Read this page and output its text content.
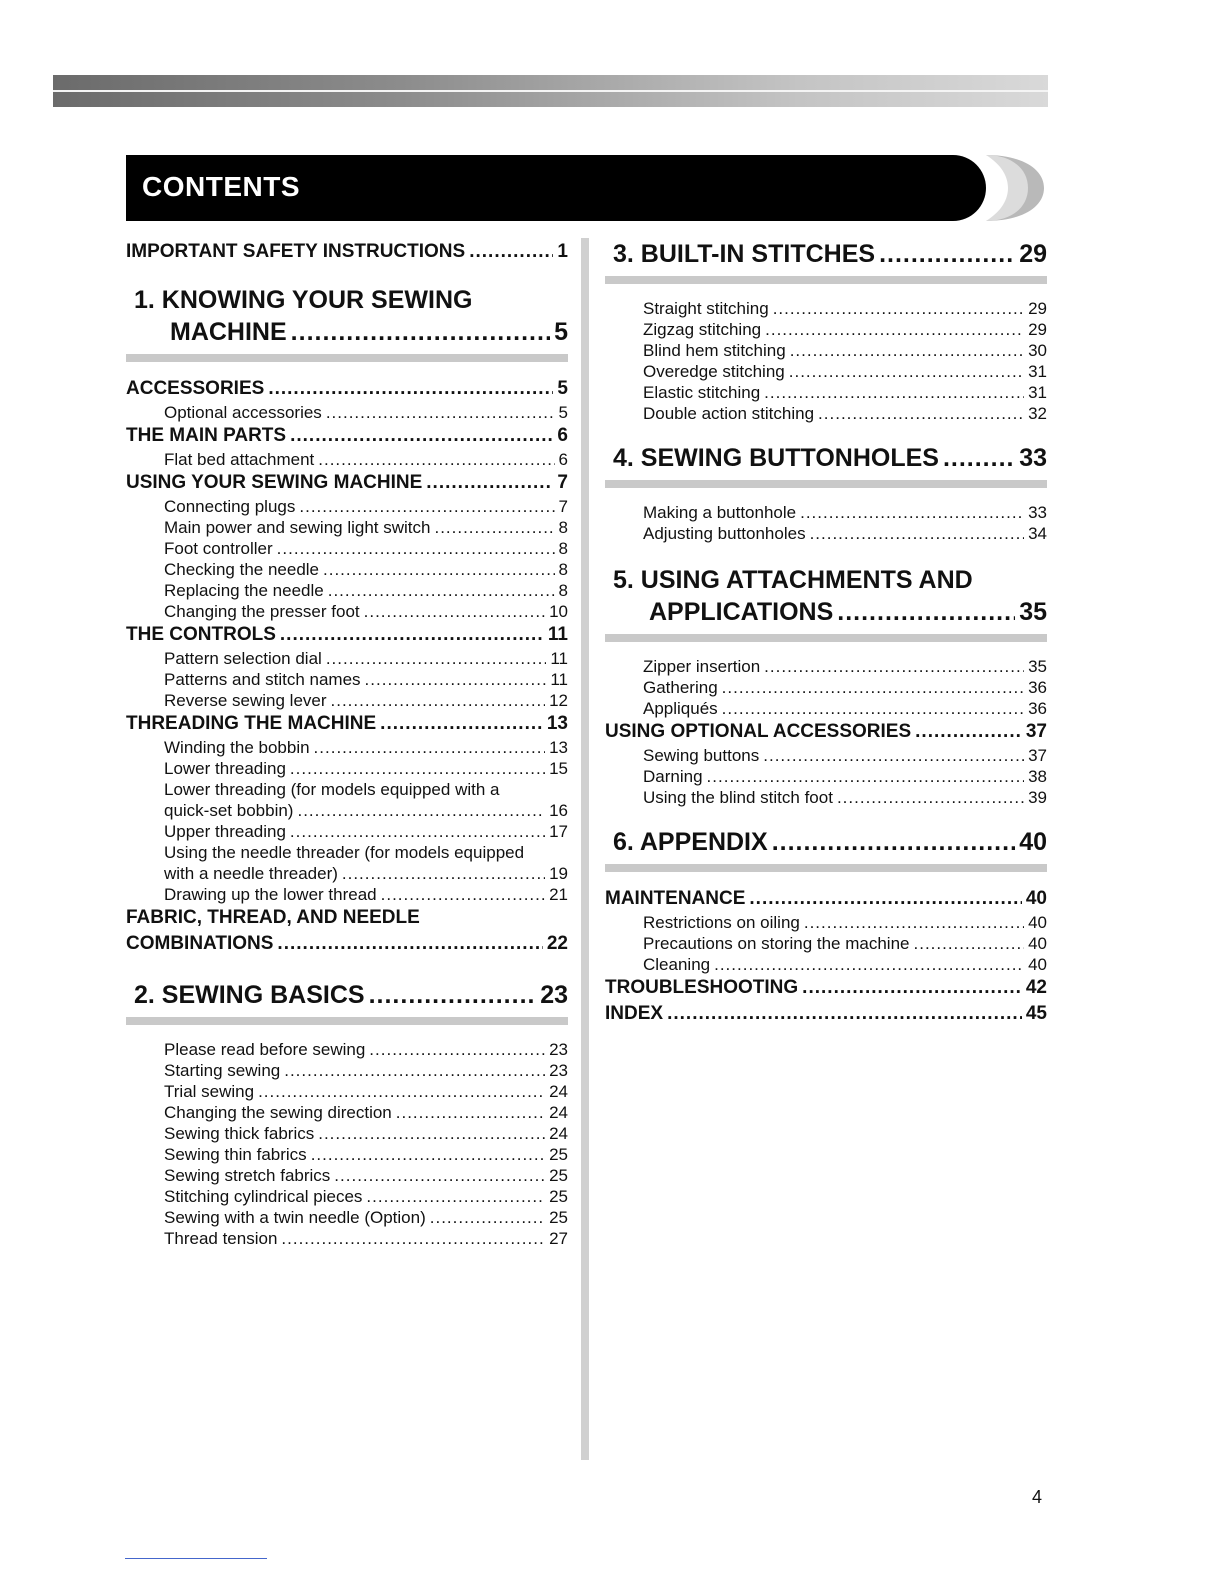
CONTENTS
IMPORTANT SAFETY INSTRUCTIONS .....	1
1. KNOWING YOUR SEWING
MACHINE .....	5
ACCESSORIES .....	5
Optional accessories .....	5
THE MAIN PARTS .....	6
Flat bed attachment .....	6
USING YOUR SEWING MACHINE .....	7
Connecting plugs .....	7
Main power and sewing light switch .....	8
Foot controller .....	8
Checking the needle .....	8
Replacing the needle .....	8
Changing the presser foot .....	10
THE CONTROLS .....	11
Pattern selection dial .....	11
Patterns and stitch names .....	11
Reverse sewing lever .....	12
THREADING THE MACHINE .....	13
Winding the bobbin .....	13
Lower threading .....	15
Lower threading (for models equipped with a
quick-set bobbin) .....	16
Upper threading .....	17
Using the needle threader (for models equipped
with a needle threader) .....	19
Drawing up the lower thread .....	21
FABRIC, THREAD, AND NEEDLE
COMBINATIONS .....	22
2. SEWING BASICS .....	23
Please read before sewing .....	23
Starting sewing .....	23
Trial sewing .....	24
Changing the sewing direction .....	24
Sewing thick fabrics .....	24
Sewing thin fabrics .....	25
Sewing stretch fabrics .....	25
Stitching cylindrical pieces .....	25
Sewing with a twin needle (Option) .....	25
Thread tension .....	27
3. BUILT-IN STITCHES .....	29
Straight stitching .....	29
Zigzag stitching .....	29
Blind hem stitching .....	30
Overedge stitching .....	31
Elastic stitching .....	31
Double action stitching .....	32
4. SEWING BUTTONHOLES .....	33
Making a buttonhole .....	33
Adjusting buttonholes .....	34
5. USING ATTACHMENTS AND
APPLICATIONS .....	35
Zipper insertion .....	35
Gathering .....	36
Appliqués .....	36
USING OPTIONAL ACCESSORIES .....	37
Sewing buttons .....	37
Darning .....	38
Using the blind stitch foot .....	39
6. APPENDIX .....	40
MAINTENANCE .....	40
Restrictions on oiling .....	40
Precautions on storing the machine .....	40
Cleaning .....	40
TROUBLESHOOTING .....	42
INDEX .....	45
4
